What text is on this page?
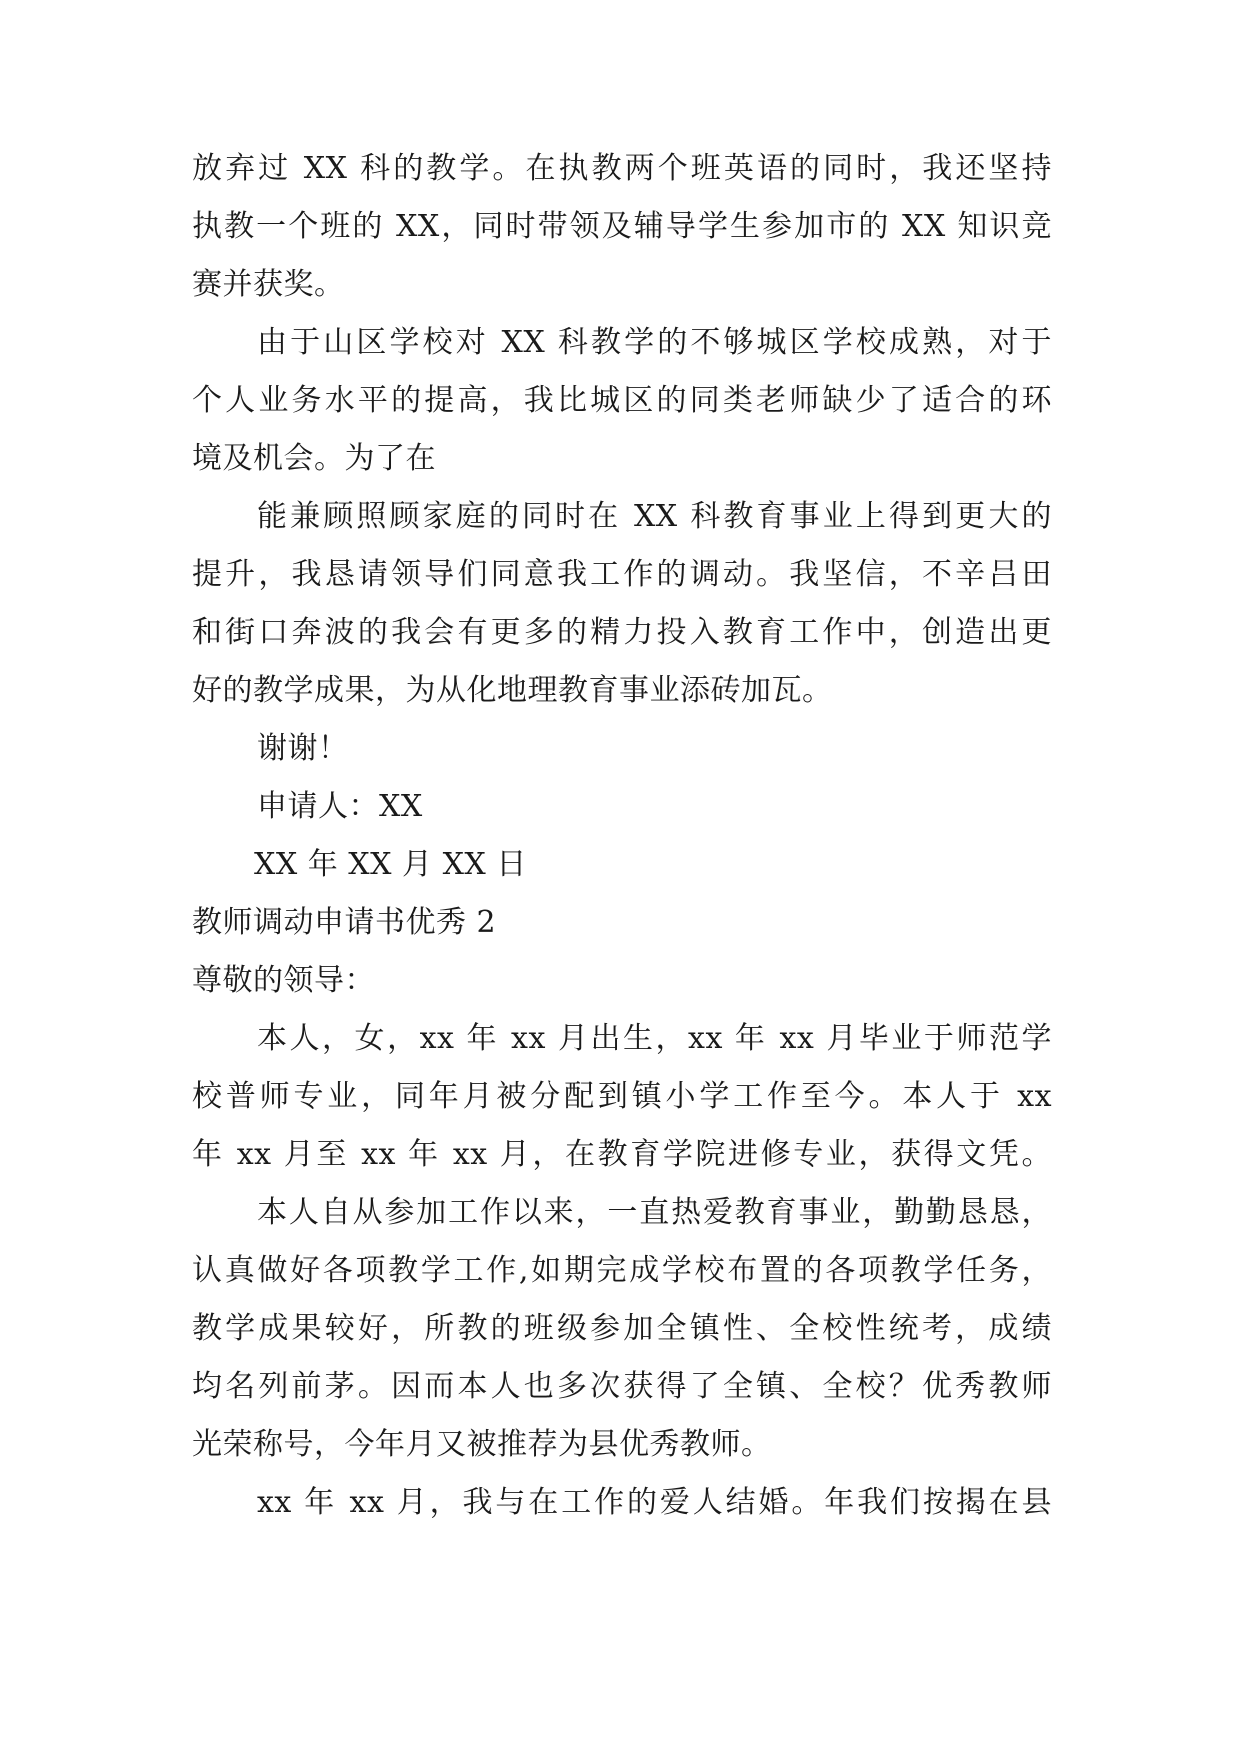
放弃过 XX 科的教学。在执教两个班英语的同时，我还坚持
执教一个班的 XX，同时带领及辅导学生参加市的 XX 知识竞
赛并获奖。
由于山区学校对 XX 科教学的不够城区学校成熟，对于
个人业务水平的提高，我比城区的同类老师缺少了适合的环
境及机会。为了在
能兼顾照顾家庭的同时在 XX 科教育事业上得到更大的
提升，我恳请领导们同意我工作的调动。我坚信，不辛吕田
和街口奔波的我会有更多的精力投入教育工作中，创造出更
好的教学成果，为从化地理教育事业添砖加瓦。
谢谢！
申请人：XX
XX 年 XX 月 XX 日
教师调动申请书优秀 2
尊敬的领导：
本人，女，xx 年 xx 月出生，xx 年 xx 月毕业于师范学
校普师专业，同年月被分配到镇小学工作至今。本人于 xx
年 xx 月至 xx 年 xx 月，在教育学院进修专业，获得文凭。
本人自从参加工作以来，一直热爱教育事业，勤勤恳恳，
认真做好各项教学工作,如期完成学校布置的各项教学任务，
教学成果较好，所教的班级参加全镇性、全校性统考，成绩
均名列前茅。因而本人也多次获得了全镇、全校？优秀教师
光荣称号，今年月又被推荐为县优秀教师。
xx 年 xx 月，我与在工作的爱人结婚。年我们按揭在县
